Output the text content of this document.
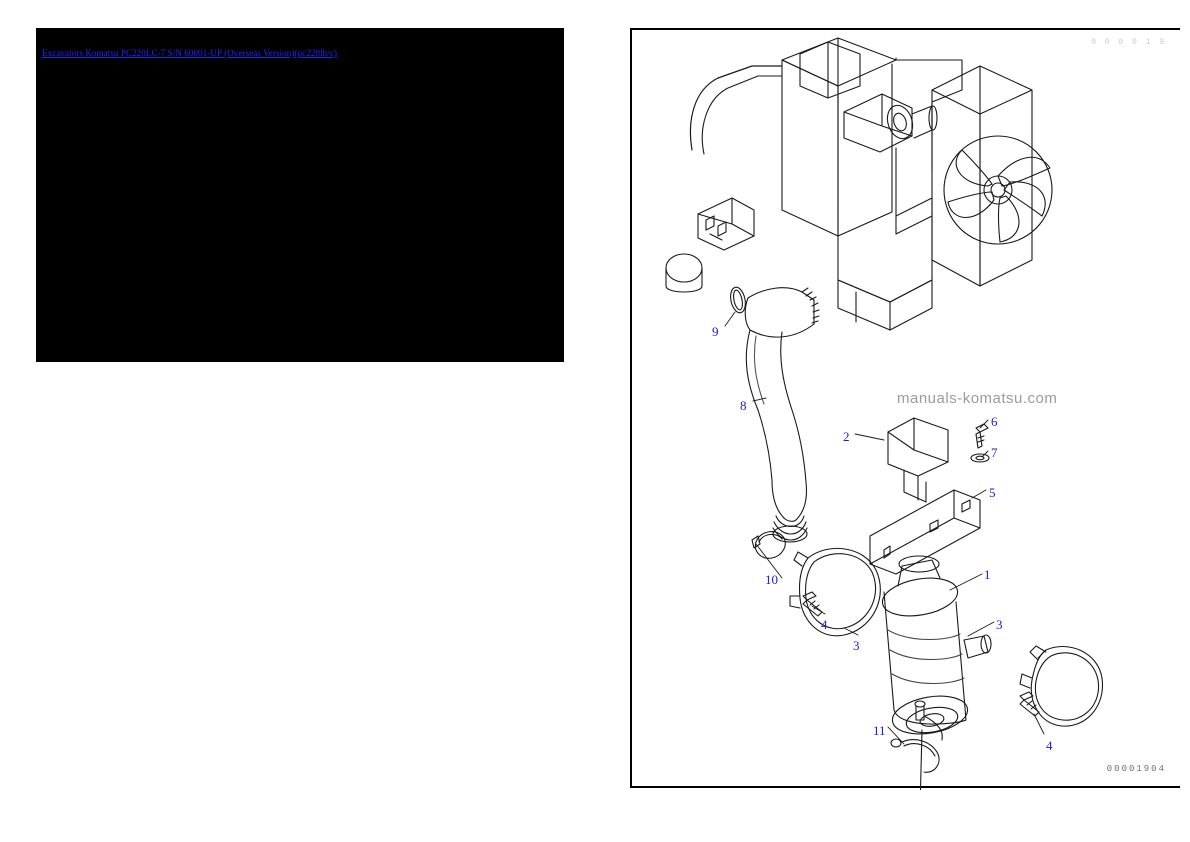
Excavators Komatsu PC220LC-7 S/N 60001-UP (Overseas Version)(pc220lb/c)
0 0 0 0 1 9
9
8
2
6
7
5
1
3
10
4
3
4
11
manuals-komatsu.com
00001904
